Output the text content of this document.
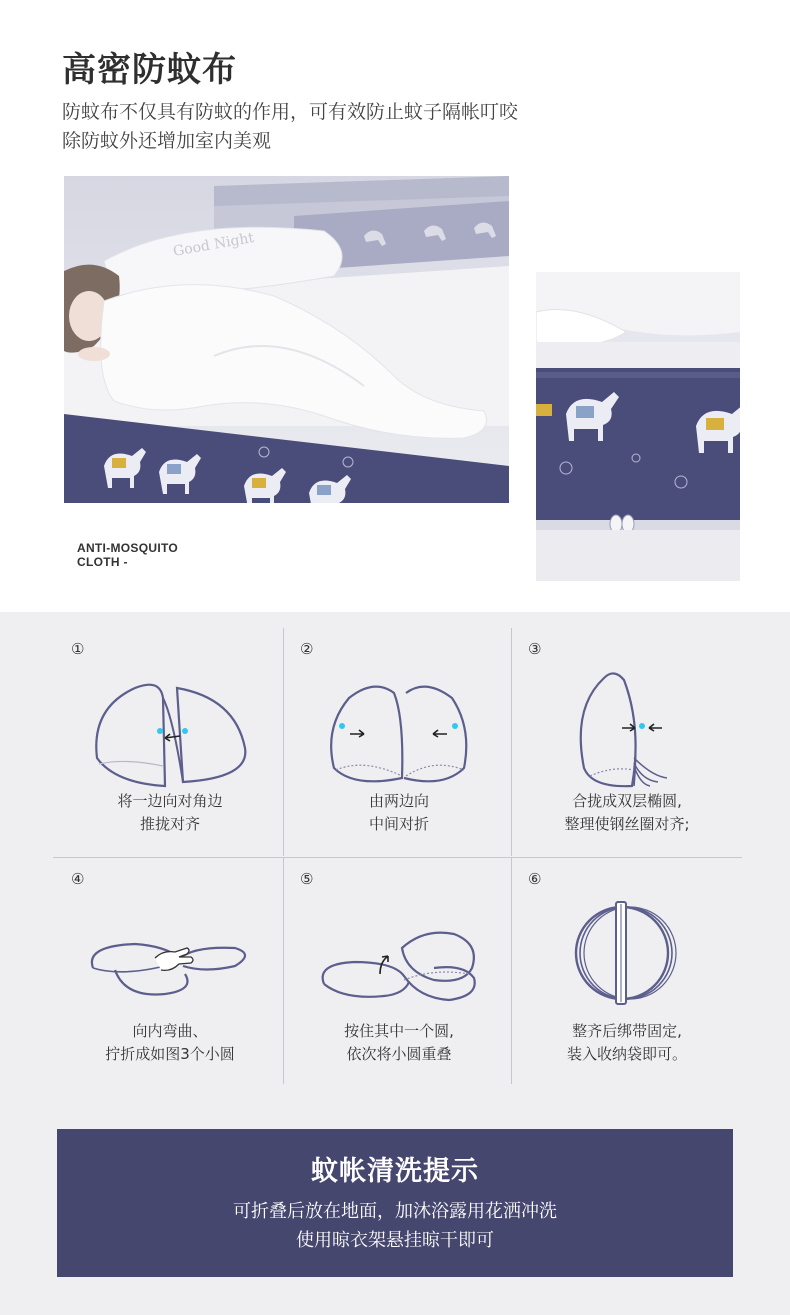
高密防蚊布
防蚊布不仅具有防蚊的作用，可有效防止蚊子隔帐叮咬
除防蚊外还增加室内美观
Good Night
ANTI-MOSQUITO
CLOTH -
①
将一边向对角边
推拢对齐
②
由两边向
中间对折
③
合拢成双层椭圆,
整理使钢丝圈对齐;
④
向内弯曲、
拧折成如图3个小圆
⑤
按住其中一个圆,
依次将小圆重叠
⑥
整齐后绑带固定,
装入收纳袋即可。
蚊帐清洗提示
可折叠后放在地面，加沐浴露用花洒冲洗
使用晾衣架悬挂晾干即可
